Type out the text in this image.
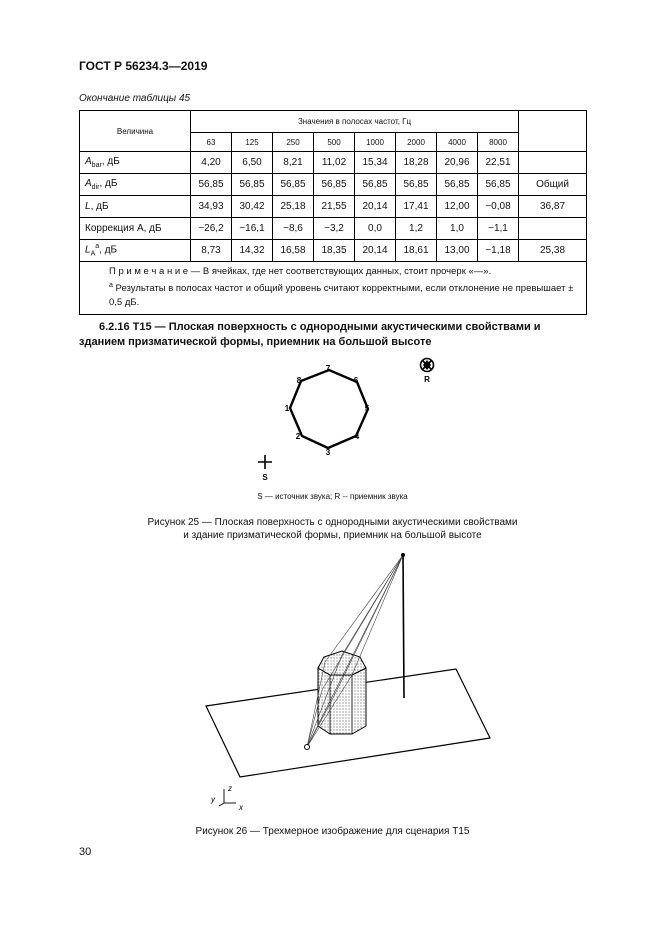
ГОСТ Р 56234.3—2019
Окончание таблицы 45
Величина	Значения в полосах частот, Гц								
	63	125	250	500	1000	2000	4000	8000	
$A_{bar}$, дБ	4,20	6,50	8,21	11,02	15,34	18,28	20,96	22,51	
$A_{dir}$, дБ	56,85	56,85	56,85	56,85	56,85	56,85	56,85	56,85	Общий
L, дБ	34,93	30,42	25,18	21,55	20,14	17,41	12,00	−0,08	36,87
Коррекция A, дБ	−26,2	−16,1	−8,6	−3,2	0,0	1,2	1,0	−1,1	
$L_A^a$, дБ	8,73	14,32	16,58	18,35	20,14	18,61	13,00	−1,18	25,38

П р и м е ч а н и е — В ячейках, где нет соответствующих данных, стоит прочерк «—».
$^a$ Результаты в полосах частот и общий уровень считают корректными, если отклонение не превышает ± 0,5 дБ.									
6.2.16 Т15 — Плоская поверхность с однородными акустическими свойствами и зданием призматической формы, приемник на большой высоте
1
2
3
4
5
6
7
8	R
S
S — источник звука; R -- приемник звука
Рисунок 25 — Плоская поверхность с однородными акустическими свойствами
и здание призматической формы, приемник на большой высоте
z
y
x
Рисунок 26 — Трехмерное изображение для сценария Т15
30
